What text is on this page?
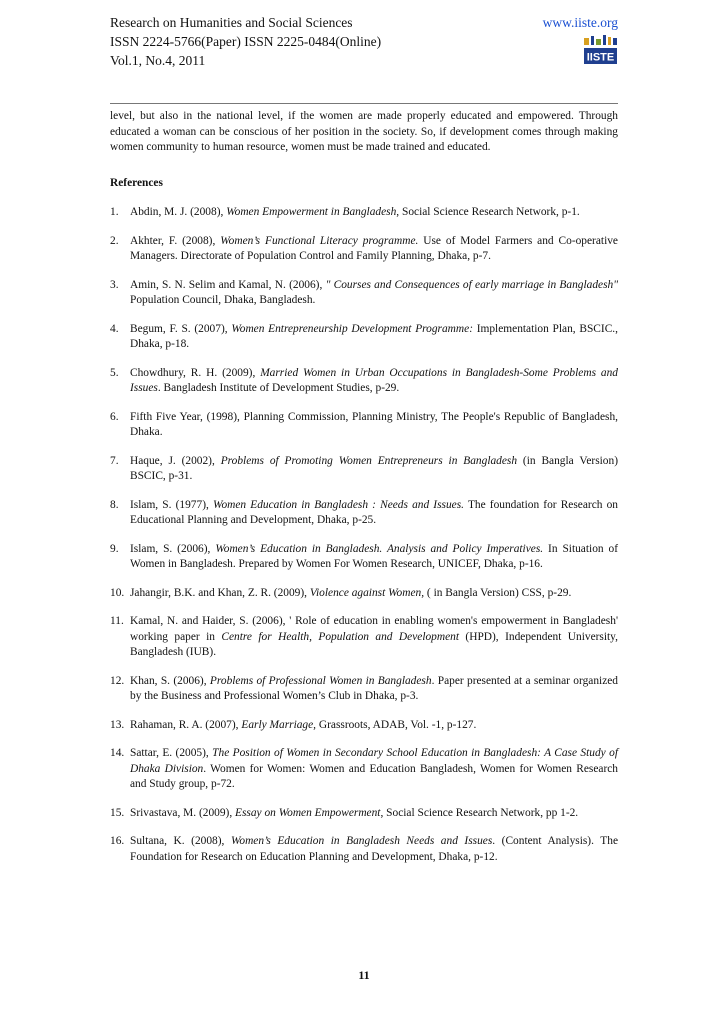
Research on Humanities and Social Sciences	www.iiste.org
ISSN 2224-5766(Paper) ISSN 2225-0484(Online)
Vol.1, No.4, 2011	IISTE

level, but also in the national level, if the women are made properly educated and empowered. Through educated a woman can be conscious of her position in the society. So, if development comes through making women community to human resource, women must be made trained and educated.

References
1.	Abdin, M. J. (2008), Women Empowerment in Bangladesh, Social Science Research Network, p-1.
2.	Akhter, F. (2008), Women’s Functional Literacy programme. Use of Model Farmers and Co-operative Managers. Directorate of Population Control and Family Planning, Dhaka, p-7.
3.	Amin, S. N. Selim and Kamal, N. (2006), " Courses and Consequences of early marriage in Bangladesh" Population Council, Dhaka, Bangladesh.
4.	Begum, F. S. (2007), Women Entrepreneurship Development Programme: Implementation Plan, BSCIC., Dhaka, p-18.
5.	Chowdhury, R. H. (2009), Married Women in Urban Occupations in Bangladesh-Some Problems and Issues. Bangladesh Institute of Development Studies, p-29.
6.	Fifth Five Year, (1998), Planning Commission, Planning Ministry, The People's Republic of Bangladesh, Dhaka.
7.	Haque, J. (2002), Problems of Promoting Women Entrepreneurs in Bangladesh (in Bangla Version) BSCIC, p-31.
8.	Islam, S. (1977), Women Education in Bangladesh : Needs and Issues. The foundation for Research on Educational Planning and Development, Dhaka, p-25.
9.	Islam, S. (2006), Women’s Education in Bangladesh. Analysis and Policy Imperatives. In Situation of Women in Bangladesh. Prepared by Women For Women Research, UNICEF, Dhaka, p-16.
10. Jahangir, B.K. and Khan, Z. R. (2009), Violence against Women, ( in Bangla Version) CSS, p-29.
11. Kamal, N. and Haider, S. (2006), ' Role of education in enabling women's empowerment in Bangladesh' working paper in Centre for Health, Population and Development (HPD), Independent University, Bangladesh (IUB).
12. Khan, S. (2006), Problems of Professional Women in Bangladesh. Paper presented at a seminar organized by the Business and Professional Women’s Club in Dhaka, p-3.
13. Rahaman, R. A. (2007), Early Marriage, Grassroots, ADAB, Vol. -1, p-127.
14. Sattar, E. (2005), The Position of Women in Secondary School Education in Bangladesh: A Case Study of Dhaka Division. Women for Women: Women and Education Bangladesh, Women for Women Research and Study group, p-72.
15. Srivastava, M. (2009), Essay on Women Empowerment, Social Science Research Network, pp 1-2.
16. Sultana, K. (2008), Women’s Education in Bangladesh Needs and Issues. (Content Analysis). The Foundation for Research on Education Planning and Development, Dhaka, p-12.
11
